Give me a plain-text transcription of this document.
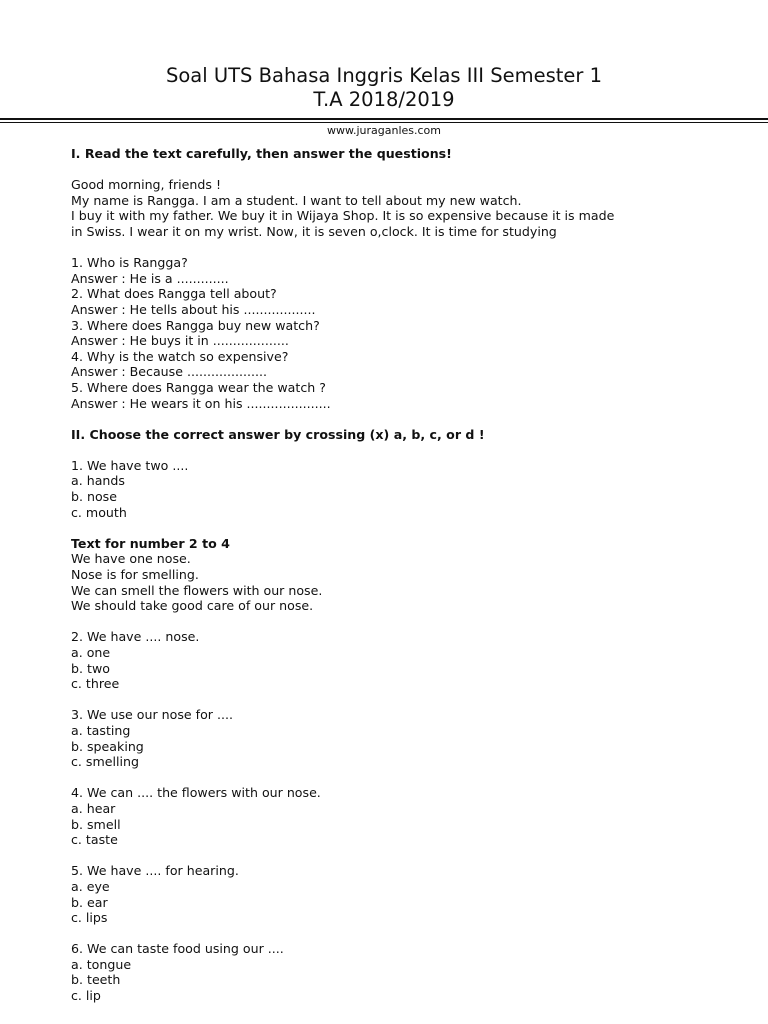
Soal UTS Bahasa Inggris Kelas III Semester 1
T.A 2018/2019
www.juraganles.com
I. Read the text carefully, then answer the questions!
Good morning, friends !
My name is Rangga. I am a student. I want to tell about my new watch.
I buy it with my father. We buy it in Wijaya Shop. It is so expensive because it is made
in Swiss. I wear it on my wrist. Now, it is seven o,clock. It is time for studying
1. Who is Rangga?
Answer : He is a .............
2. What does Rangga tell about?
Answer : He tells about his ..................
3. Where does Rangga buy new watch?
Answer : He buys it in ...................
4. Why is the watch so expensive?
Answer : Because ....................
5. Where does Rangga wear the watch ?
Answer : He wears it on his .....................
II. Choose the correct answer by crossing (x) a, b, c, or d !
1. We have two ....
a. hands
b. nose
c. mouth
Text for number 2 to 4
We have one nose.
Nose is for smelling.
We can smell the flowers with our nose.
We should take good care of our nose.
2. We have .... nose.
a. one
b. two
c. three
3. We use our nose for ....
a. tasting
b. speaking
c. smelling
4. We can .... the flowers with our nose.
a. hear
b. smell
c. taste
5. We have .... for hearing.
a. eye
b. ear
c. lips
6. We can taste food using our ....
a. tongue
b. teeth
c. lip
